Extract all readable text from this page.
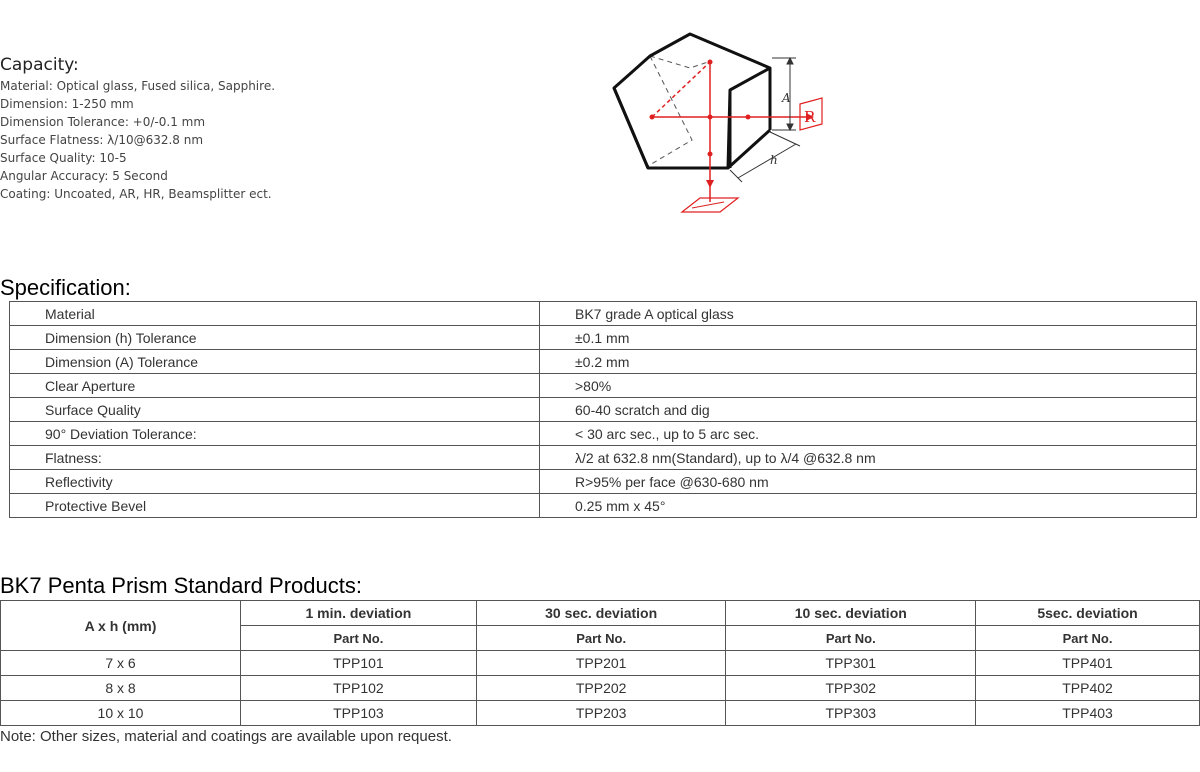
Capacity:
Material: Optical glass, Fused silica, Sapphire.
Dimension: 1-250 mm
Dimension Tolerance: +0/-0.1 mm
Surface Flatness: λ/10@632.8 nm
Surface Quality: 10-5
Angular Accuracy: 5 Second
Coating: Uncoated, AR, HR, Beamsplitter ect.
R
A
h
Specification:
Material	BK7 grade A optical glass
Dimension (h) Tolerance	±0.1 mm
Dimension (A) Tolerance	±0.2 mm
Clear Aperture	>80%
Surface Quality	60-40 scratch and dig
90° Deviation Tolerance:	< 30 arc sec., up to 5 arc sec.
Flatness:	λ/2 at 632.8 nm(Standard), up to λ/4 @632.8 nm
Reflectivity	R>95% per face @630-680 nm
Protective Bevel	0.25 mm x 45°
BK7 Penta Prism Standard Products:
A x h (mm)	1 min. deviation	30 sec. deviation	10 sec. deviation	5sec. deviation
	Part No.	Part No.	Part No.	Part No.
7 x 6	TPP101	TPP201	TPP301	TPP401
8 x 8	TPP102	TPP202	TPP302	TPP402
10 x 10	TPP103	TPP203	TPP303	TPP403
Note: Other sizes, material and coatings are available upon request.
